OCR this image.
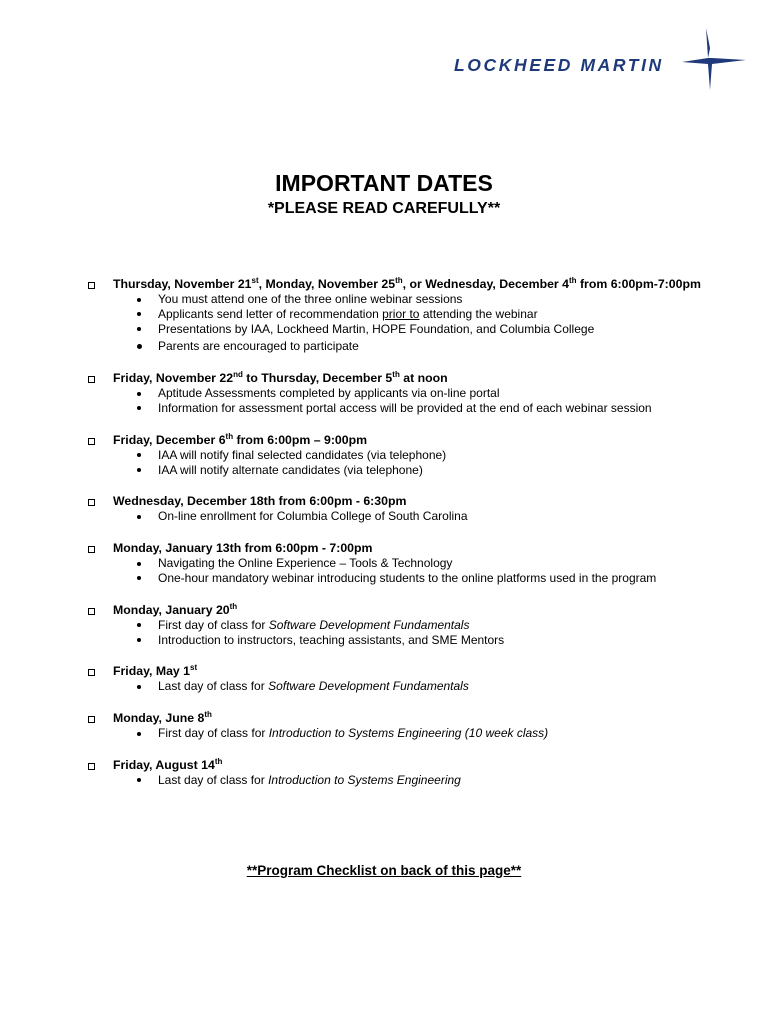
LOCKHEED MARTIN
IMPORTANT DATES
*PLEASE READ CAREFULLY**
Thursday, November 21st, Monday, November 25th, or Wednesday, December 4th from 6:00pm-7:00pm
You must attend one of the three online webinar sessions
Applicants send letter of recommendation prior to attending the webinar
Presentations by IAA, Lockheed Martin, HOPE Foundation, and Columbia College
Parents are encouraged to participate
Friday, November 22nd to Thursday, December 5th at noon
Aptitude Assessments completed by applicants via on-line portal
Information for assessment portal access will be provided at the end of each webinar session
Friday, December 6th from 6:00pm – 9:00pm
IAA will notify final selected candidates (via telephone)
IAA will notify alternate candidates (via telephone)
Wednesday, December 18th from 6:00pm - 6:30pm
On-line enrollment for Columbia College of South Carolina
Monday, January 13th from 6:00pm - 7:00pm
Navigating the Online Experience – Tools & Technology
One-hour mandatory webinar introducing students to the online platforms used in the program
Monday, January 20th
First day of class for Software Development Fundamentals
Introduction to instructors, teaching assistants, and SME Mentors
Friday, May 1st
Last day of class for Software Development Fundamentals
Monday, June 8th
First day of class for Introduction to Systems Engineering (10 week class)
Friday, August 14th
Last day of class for Introduction to Systems Engineering
**Program Checklist on back of this page**
